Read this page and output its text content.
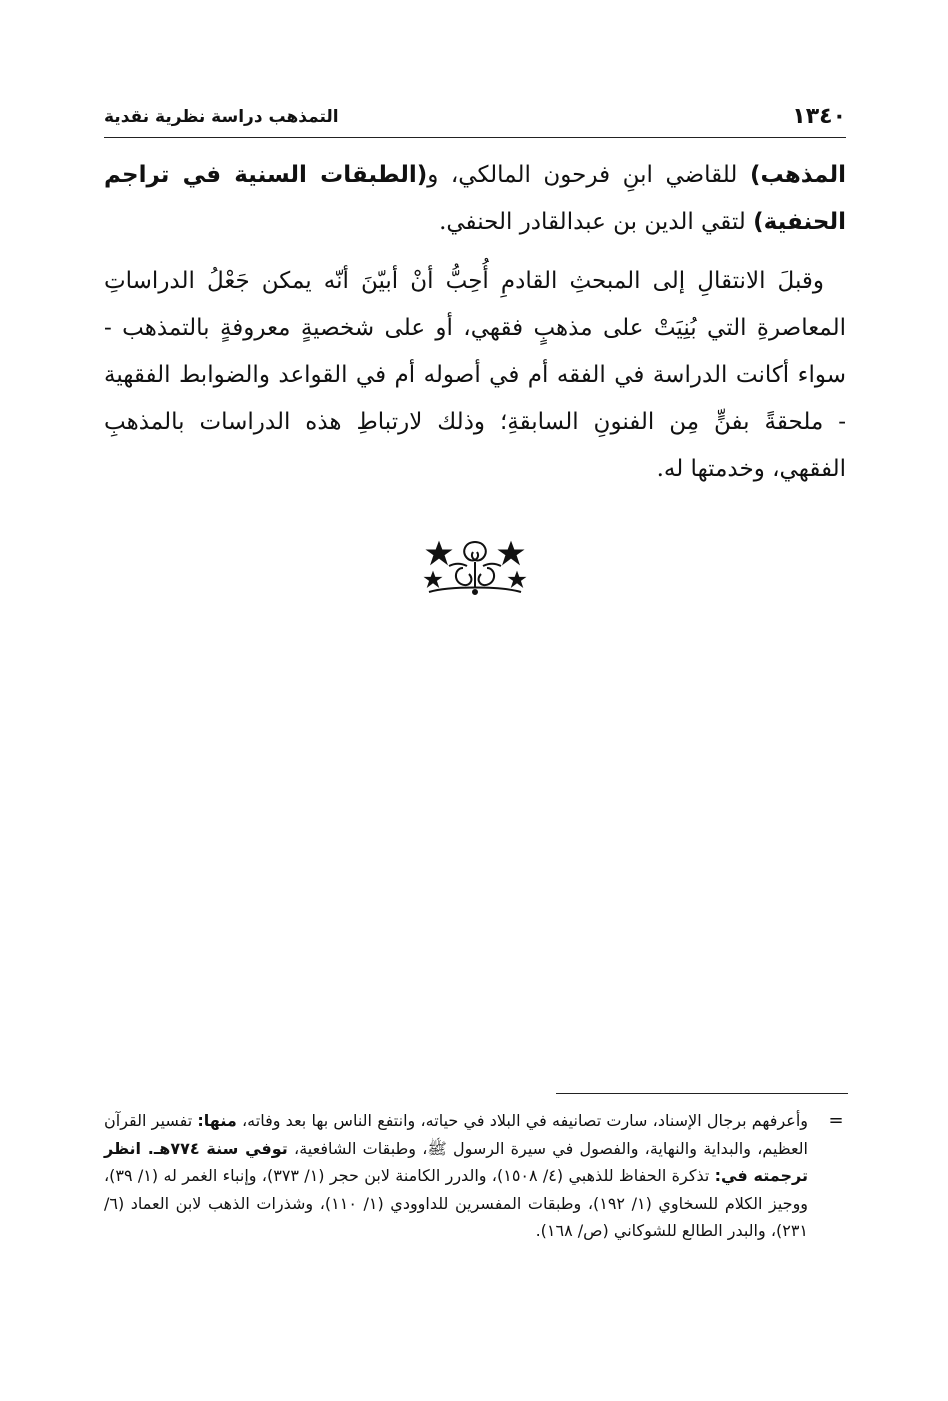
١٣٤٠
التمذهب دراسة نظرية نقدية

المذهب) للقاضي ابنِ فرحون المالكي، و(الطبقات السنية في تراجم الحنفية) لتقي الدين بن عبدالقادر الحنفي.

وقبلَ الانتقالِ إلى المبحثِ القادمِ أُحِبُّ أنْ أبيّنَ أنّه يمكن جَعْلُ الدراساتِ المعاصرةِ التي بُنِيَتْ على مذهبٍ فقهي، أو على شخصيةٍ معروفةٍ بالتمذهب - سواء أكانت الدراسة في الفقه أم في أصوله أم في القواعد والضوابط الفقهية - ملحقةً بفنٍّ مِن الفنونِ السابقةِ؛ وذلك لارتباطِ هذه الدراسات بالمذهبِ الفقهي، وخدمتها له.

=
وأعرفهم برجال الإسناد، سارت تصانيفه في البلاد في حياته، وانتفع الناس بها بعد وفاته، منها: تفسير القرآن العظيم، والبداية والنهاية، والفصول في سيرة الرسول ﷺ، وطبقات الشافعية، توفي سنة ٧٧٤هـ. انظر ترجمته في: تذكرة الحفاظ للذهبي (٤/ ١٥٠٨)، والدرر الكامنة لابن حجر (١/ ٣٧٣)، وإنباء الغمر له (١/ ٣٩)، ووجيز الكلام للسخاوي (١/ ١٩٢)، وطبقات المفسرين للداوودي (١/ ١١٠)، وشذرات الذهب لابن العماد (٦/ ٢٣١)، والبدر الطالع للشوكاني (ص/ ١٦٨).
